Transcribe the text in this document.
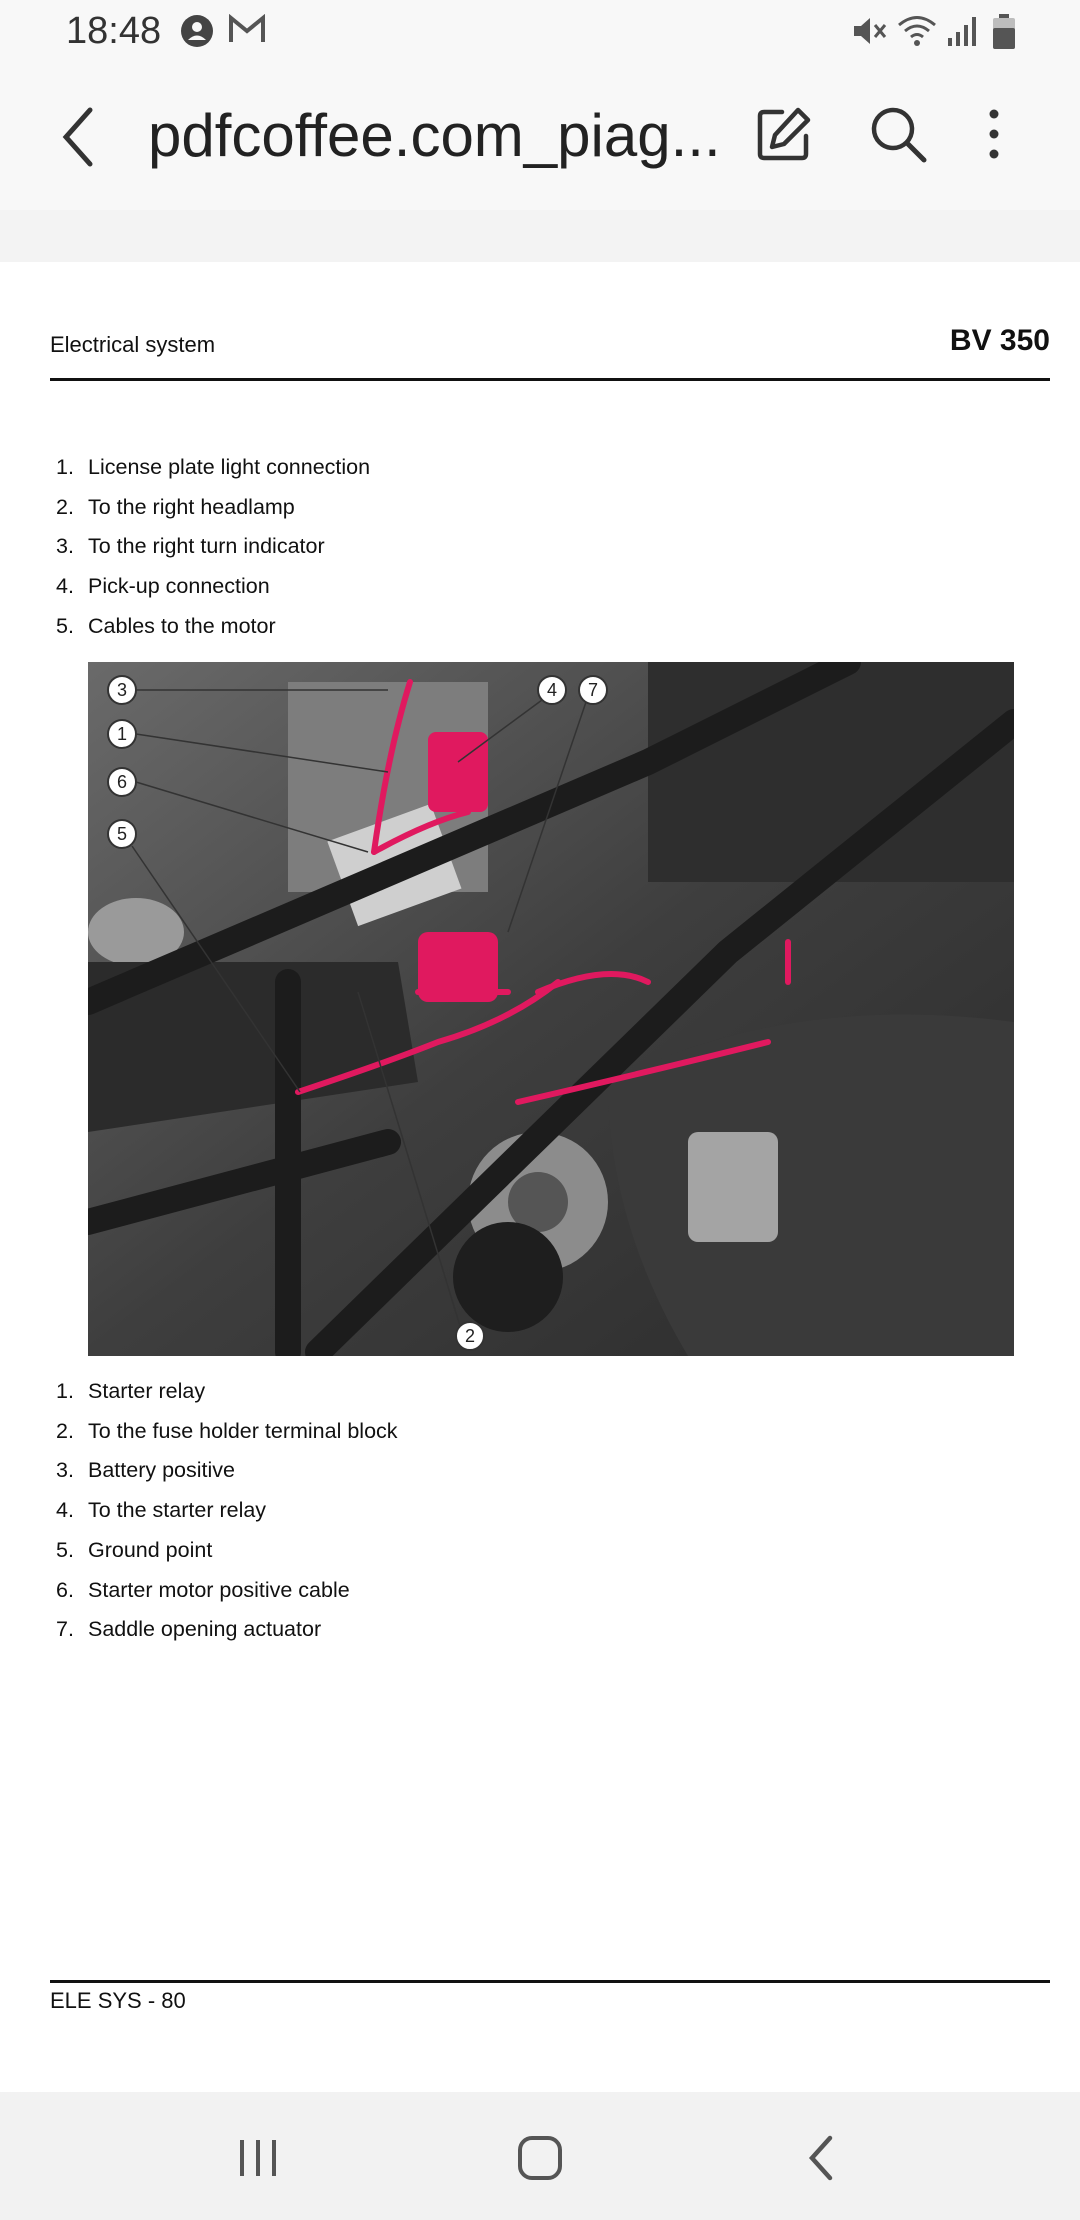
18:48
pdfcoffee.com_piag...
Electrical system	BV 350
1. License plate light connection
2. To the right headlamp
3. To the right turn indicator
4. Pick-up connection
5. Cables to the motor
3
1
6
5
4 7
2
1. Starter relay
2. To the fuse holder terminal block
3. Battery positive
4. To the starter relay
5. Ground point
6. Starter motor positive cable
7. Saddle opening actuator
ELE SYS - 80
